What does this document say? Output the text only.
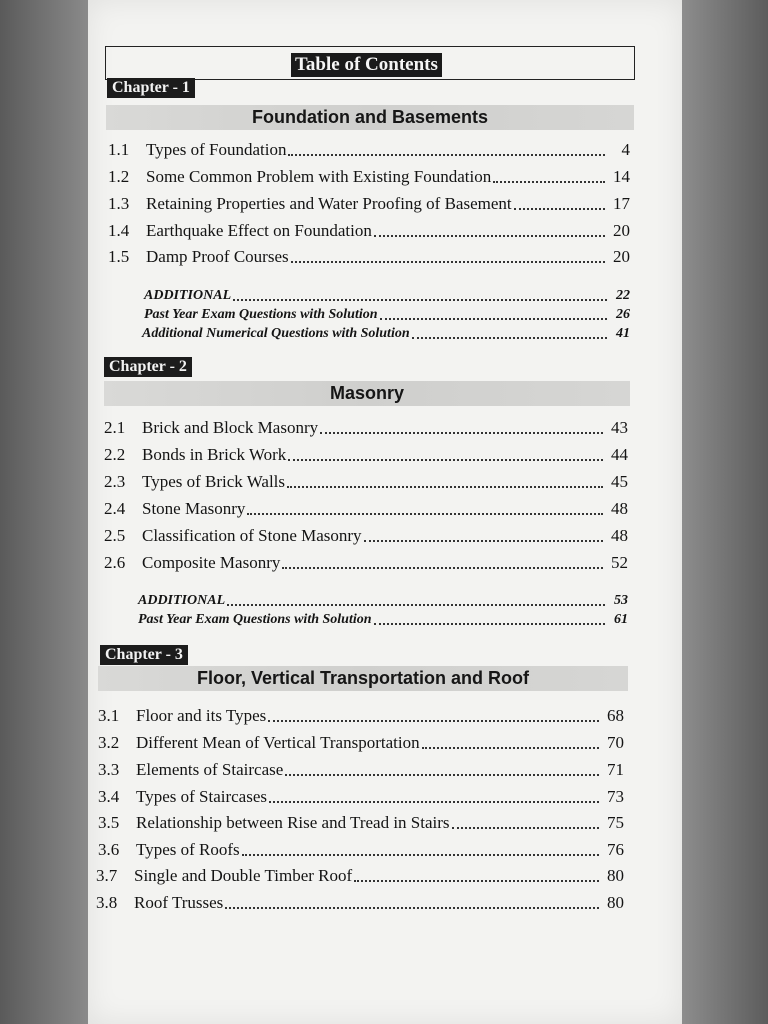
Table of Contents
Chapter - 1
Foundation and Basements
1.1 Types of Foundation	4
1.2 Some Common Problem with Existing Foundation	14
1.3 Retaining Properties and Water Proofing of Basement	17
1.4 Earthquake Effect on Foundation	20
1.5 Damp Proof Courses	20
ADDITIONAL	22
Past Year Exam Questions with Solution	26
Additional Numerical Questions with Solution	41
Chapter - 2
Masonry
2.1 Brick and Block Masonry	43
2.2 Bonds in Brick Work	44
2.3 Types of Brick Walls	45
2.4 Stone Masonry	48
2.5 Classification of Stone Masonry	48
2.6 Composite Masonry	52
ADDITIONAL	53
Past Year Exam Questions with Solution	61
Chapter - 3
Floor, Vertical Transportation and Roof
3.1 Floor and its Types	68
3.2 Different Mean of Vertical Transportation	70
3.3 Elements of Staircase	71
3.4 Types of Staircases	73
3.5 Relationship between Rise and Tread in Stairs	75
3.6 Types of Roofs	76
3.7 Single and Double Timber Roof	80
3.8 Roof Trusses	80
